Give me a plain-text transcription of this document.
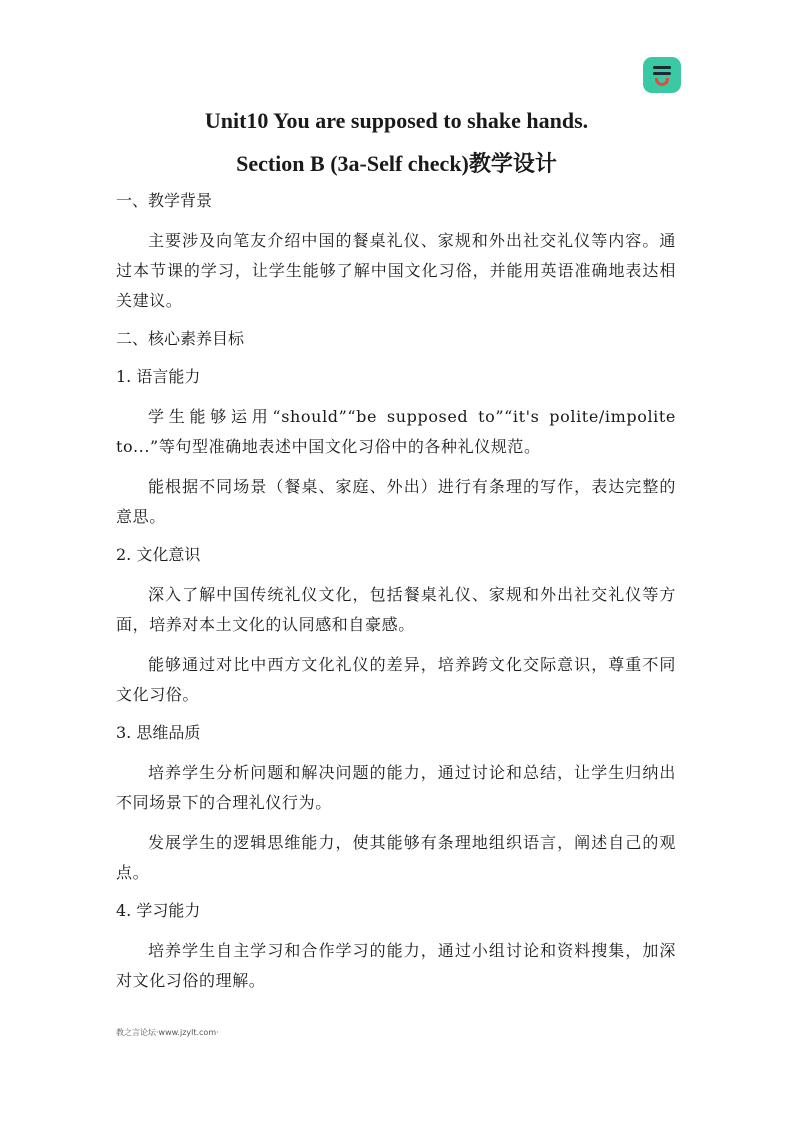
Unit10 You are supposed to shake hands.
Section B (3a-Self check)教学设计
一、教学背景
主要涉及向笔友介绍中国的餐桌礼仪、家规和外出社交礼仪等内容。通过本节课的学习，让学生能够了解中国文化习俗，并能用英语准确地表达相关建议。
二、核心素养目标
1. 语言能力
学生能够运用“should”“be supposed to”“it's polite/impolite to...”等句型准确地表述中国文化习俗中的各种礼仪规范。
能根据不同场景（餐桌、家庭、外出）进行有条理的写作，表达完整的意思。
2. 文化意识
深入了解中国传统礼仪文化，包括餐桌礼仪、家规和外出社交礼仪等方面，培养对本土文化的认同感和自豪感。
能够通过对比中西方文化礼仪的差异，培养跨文化交际意识，尊重不同文化习俗。
3. 思维品质
培养学生分析问题和解决问题的能力，通过讨论和总结，让学生归纳出不同场景下的合理礼仪行为。
发展学生的逻辑思维能力，使其能够有条理地组织语言，阐述自己的观点。
4. 学习能力
培养学生自主学习和合作学习的能力，通过小组讨论和资料搜集，加深对文化习俗的理解。
教之言论坛·www.jzylt.com·
